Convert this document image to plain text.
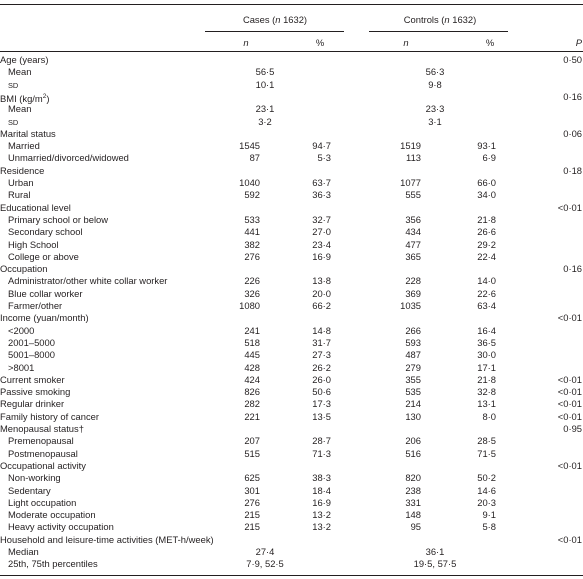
Cases (n 1632)	Controls (n 1632)
n	%	n	%	P
Age (years)	0·50
Mean	56·5	56·3
SD	10·1	9·8
BMI $(kg/m^2)$	0·16
Mean	23·1	23·3
SD	3·2	3·1
Marital status	0·06
Married	1545	94·7	1519	93·1
Unmarried/divorced/widowed	87	5·3	113	6·9
Residence	0·18
Urban	1040	63·7	1077	66·0
Rural	592	36·3	555	34·0
Educational level	<0·01
Primary school or below	533	32·7	356	21·8
Secondary school	441	27·0	434	26·6
High School	382	23·4	477	29·2
College or above	276	16·9	365	22·4
Occupation	0·16
Administrator/other white collar worker	226	13·8	228	14·0
Blue collar worker	326	20·0	369	22·6
Farmer/other	1080	66·2	1035	63·4
Income (yuan/month)	<0·01
<2000	241	14·8	266	16·4
2001–5000	518	31·7	593	36·5
5001–8000	445	27·3	487	30·0
>8001	428	26·2	279	17·1
Current smoker	424	26·0	355	21·8	<0·01
Passive smoking	826	50·6	535	32·8	<0·01
Regular drinker	282	17·3	214	13·1	<0·01
Family history of cancer	221	13·5	130	8·0	<0·01
Menopausal status†	0·95
Premenopausal	207	28·7	206	28·5
Postmenopausal	515	71·3	516	71·5
Occupational activity	<0·01
Non-working	625	38·3	820	50·2
Sedentary	301	18·4	238	14·6
Light occupation	276	16·9	331	20·3
Moderate occupation	215	13·2	148	9·1
Heavy activity occupation	215	13·2	95	5·8
Household and leisure-time activities (MET-h/week)	<0·01
Median	27·4	36·1
25th, 75th percentiles	7·9, 52·5	19·5, 57·5
